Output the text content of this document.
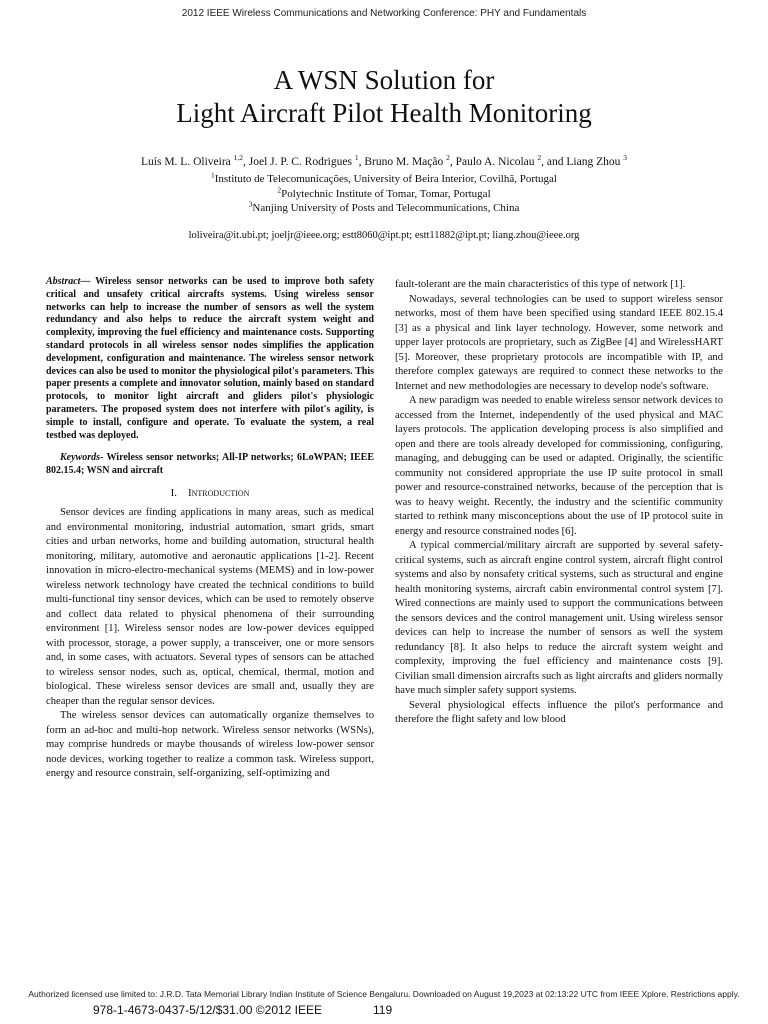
2012 IEEE Wireless Communications and Networking Conference: PHY and Fundamentals
A WSN Solution for
Light Aircraft Pilot Health Monitoring
Luís M. L. Oliveira $^{1,2}$, Joel J. P. C. Rodrigues $^1$, Bruno M. Mação $^2$, Paulo A. Nicolau $^2$, and Liang Zhou $^3$
$^1$Instituto de Telecomunicações, University of Beira Interior, Covilhã, Portugal
$^2$Polytechnic Institute of Tomar, Tomar, Portugal
$^3$Nanjing University of Posts and Telecommunications, China
loliveira@it.ubi.pt; joeljr@ieee.org; estt8060@ipt.pt; estt11882@ipt.pt; liang.zhou@ieee.org

Abstract— Wireless sensor networks can be used to improve both safety critical and unsafety critical aircrafts systems. Using wireless sensor networks can help to increase the number of sensors as well the system redundancy and also helps to reduce the aircraft system weight and complexity, improving the fuel efficiency and maintenance costs. Supporting standard protocols in all wireless sensor nodes simplifies the application development, configuration and maintenance. The wireless sensor network devices can also be used to monitor the physiological pilot's parameters. This paper presents a complete and innovator solution, mainly based on standard protocols, to monitor light aircraft and gliders pilot's physiologic parameters. The proposed system does not interfere with pilot's agility, is simple to install, configure and operate. To evaluate the system, a real testbed was deployed.

Keywords- Wireless sensor networks; All-IP networks; 6LoWPAN; IEEE 802.15.4; WSN and aircraft

I. Introduction

Sensor devices are finding applications in many areas, such as medical and environmental monitoring, industrial automation, smart grids, smart cities and urban networks, home and building automation, structural health monitoring, military, automotive and aeronautic applications [1-2]. Recent innovation in micro-electro-mechanical systems (MEMS) and in low-power wireless network technology have created the technical conditions to build multi-functional tiny sensor devices, which can be used to remotely observe and collect data related to physical phenomena of their surrounding environment [1]. Wireless sensor nodes are low-power devices equipped with processor, storage, a power supply, a transceiver, one or more sensors and, in some cases, with actuators. Several types of sensors can be attached to wireless sensor nodes, such as, optical, chemical, thermal, motion and biological. These wireless sensor devices are small and, usually they are cheaper than the regular sensor devices.

The wireless sensor devices can automatically organize themselves to form an ad-hoc and multi-hop network. Wireless sensor networks (WSNs), may comprise hundreds or maybe thousands of wireless low-power sensor node devices, working together to realize a common task. Wireless support, energy and resource constrain, self-organizing, self-optimizing and

fault-tolerant are the main characteristics of this type of network [1].

Nowadays, several technologies can be used to support wireless sensor networks, most of them have been specified using standard IEEE 802.15.4 [3] as a physical and link layer technology. However, some network and upper layer protocols are proprietary, such as ZigBee [4] and WirelessHART [5]. Moreover, these proprietary protocols are incompatible with IP, and therefore complex gateways are required to connect these networks to the Internet and new methodologies are necessary to develop node's software.

A new paradigm was needed to enable wireless sensor network devices to accessed from the Internet, independently of the used physical and MAC layers protocols. The application developing process is also simplified and open and there are tools already developed for commissioning, configuring, managing, and debugging can be used or adapted. Originally, the scientific community not considered appropriate the use IP suite protocol in small power and resource-constrained networks, because of the perception that is was to heavy weight. Recently, the industry and the scientific community started to rethink many misconceptions about the use of IP protocol suite in energy and resource constrained nodes [6].

A typical commercial/military aircraft are supported by several safety-critical systems, such as aircraft engine control system, aircraft flight control systems and also by nonsafety critical systems, such as structural and engine health monitoring systems, aircraft cabin environmental control system [7]. Wired connections are mainly used to support the communications between the sensors devices and the control management unit. Using wireless sensor devices can help to increase the number of sensors as well the system redundancy [8]. It also helps to reduce the aircraft system weight and complexity, improving the fuel efficiency and maintenance costs [9]. Civilian small dimension aircrafts such as light aircrafts and gliders normally have much simpler safety support systems.

Several physiological effects influence the pilot's performance and therefore the flight safety and low blood

Authorized licensed use limited to: J.R.D. Tata Memorial Library Indian Institute of Science Bengaluru. Downloaded on August 19,2023 at 02:13:22 UTC from IEEE Xplore. Restrictions apply.
978-1-4673-0437-5/12/$31.00 ©2012 IEEE	119
